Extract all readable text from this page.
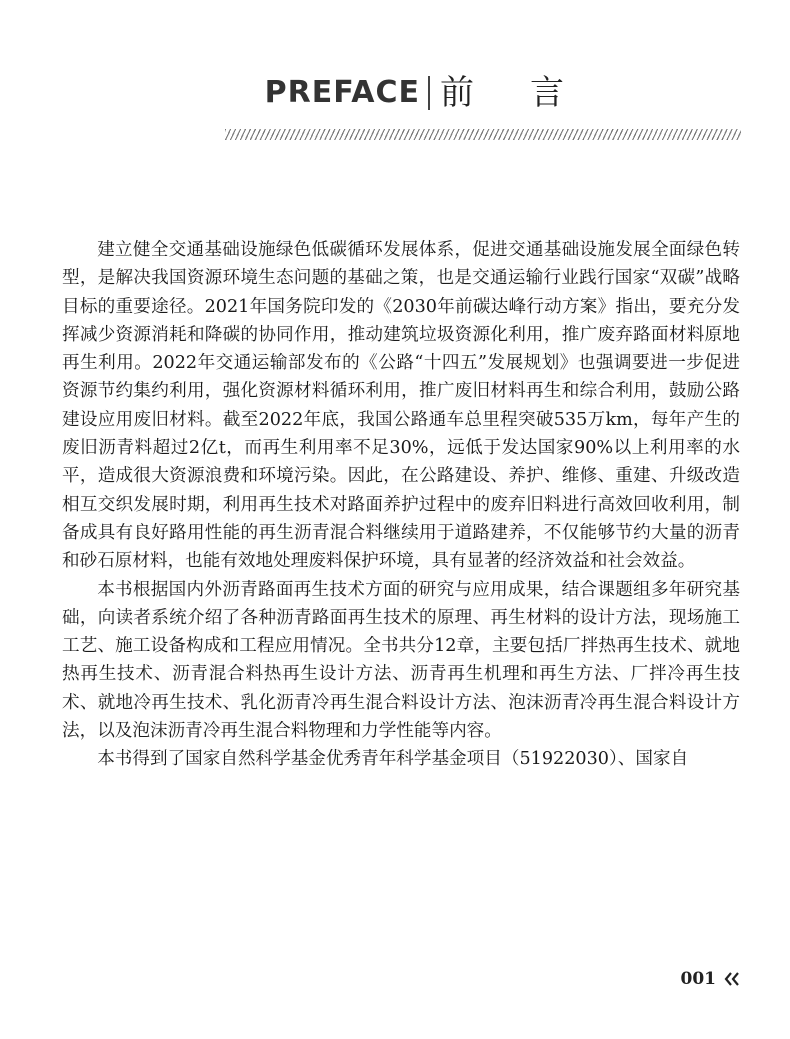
PREFACE 前言

建立健全交通基础设施绿色低碳循环发展体系，促进交通基础设施发展全面绿色转型，是解决我国资源环境生态问题的基础之策，也是交通运输行业践行国家“双碳”战略目标的重要途径。2021年国务院印发的《2030年前碳达峰行动方案》指出，要充分发挥减少资源消耗和降碳的协同作用，推动建筑垃圾资源化利用，推广废弃路面材料原地再生利用。2022年交通运输部发布的《公路“十四五”发展规划》也强调要进一步促进资源节约集约利用，强化资源材料循环利用，推广废旧材料再生和综合利用，鼓励公路建设应用废旧材料。截至2022年底，我国公路通车总里程突破535万km，每年产生的废旧沥青料超过2亿t，而再生利用率不足30%，远低于发达国家90%以上利用率的水平，造成很大资源浪费和环境污染。因此，在公路建设、养护、维修、重建、升级改造相互交织发展时期，利用再生技术对路面养护过程中的废弃旧料进行高效回收利用，制备成具有良好路用性能的再生沥青混合料继续用于道路建养，不仅能够节约大量的沥青和砂石原材料，也能有效地处理废料保护环境，具有显著的经济效益和社会效益。

本书根据国内外沥青路面再生技术方面的研究与应用成果，结合课题组多年研究基础，向读者系统介绍了各种沥青路面再生技术的原理、再生材料的设计方法，现场施工工艺、施工设备构成和工程应用情况。全书共分12章，主要包括厂拌热再生技术、就地热再生技术、沥青混合料热再生设计方法、沥青再生机理和再生方法、厂拌冷再生技术、就地冷再生技术、乳化沥青冷再生混合料设计方法、泡沫沥青冷再生混合料设计方法，以及泡沫沥青冷再生混合料物理和力学性能等内容。

本书得到了国家自然科学基金优秀青年科学基金项目（51922030）、国家自

001
